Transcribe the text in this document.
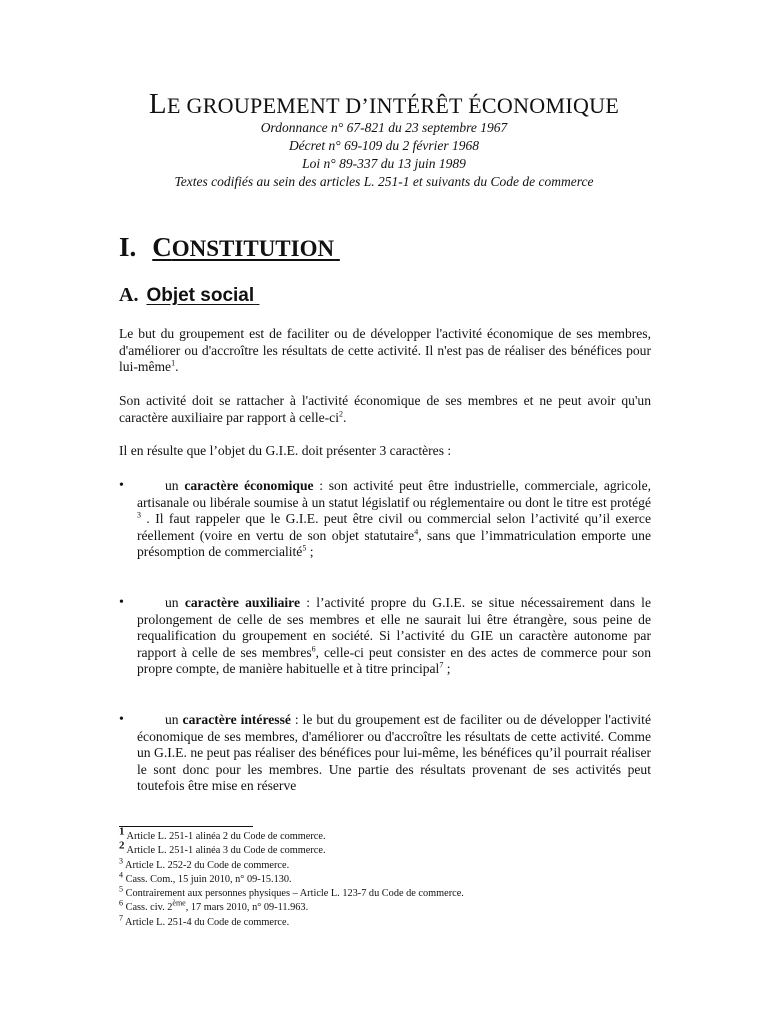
LE GROUPEMENT D’INTÉRÊT ÉCONOMIQUE
Ordonnance n° 67-821 du 23 septembre 1967
Décret n° 69-109 du 2 février 1968
Loi n° 89-337 du 13 juin 1989
Textes codifiés au sein des articles L. 251-1 et suivants du Code de commerce
I. CONSTITUTION
A. Objet social

Le but du groupement est de faciliter ou de développer l'activité économique de ses membres, d'améliorer ou d'accroître les résultats de cette activité. Il n'est pas de réaliser des bénéfices pour lui-même$^1$.

Son activité doit se rattacher à l'activité économique de ses membres et ne peut avoir qu'un caractère auxiliaire par rapport à celle-$ci^2$.

Il en résulte que l’objet du G.I.E. doit présenter 3 caractères :

•	un caractère économique : son activité peut être industrielle, commerciale, agricole, artisanale ou libérale soumise à un statut législatif ou réglementaire ou dont le titre est protégé $^3$ . Il faut rappeler que le G.I.E. peut être civil ou commercial selon l’activité qu’il exerce réellement (voire en vertu de son objet statutaire$^4$, sans que l’immatriculation emporte une présomption de commercialité$^5$ ;

•	un caractère auxiliaire : l’activité propre du G.I.E. se situe nécessairement dans le prolongement de celle de ses membres et elle ne saurait lui être étrangère, sous peine de requalification du groupement en société. Si l’activité du GIE un caractère autonome par rapport à celle de ses membres$^6$, celle-ci peut consister en des actes de commerce pour son propre compte, de manière habituelle et à titre principal$^7$ ;

•	un caractère intéressé : le but du groupement est de faciliter ou de développer l'activité économique de ses membres, d'améliorer ou d'accroître les résultats de cette activité. Comme un G.I.E. ne peut pas réaliser des bénéfices pour lui-même, les bénéfices qu’il pourrait réaliser le sont donc pour les membres. Une partie des résultats provenant de ses activités peut toutefois être mise en réserve

1 Article L. 251-1 alinéa 2 du Code de commerce.
2 Article L. 251-1 alinéa 3 du Code de commerce.
$^3$ Article L. 252-2 du Code de commerce.
$^4$ Cass. Com., 15 juin 2010, n° 09-15.130.
$^5$ Contrairement aux personnes physiques – Article L. 123-7 du Code de commerce.
$^6$ Cass. civ. 2ème, 17 mars 2010, n° 09-11.963.
$^7$ Article L. 251-4 du Code de commerce.
